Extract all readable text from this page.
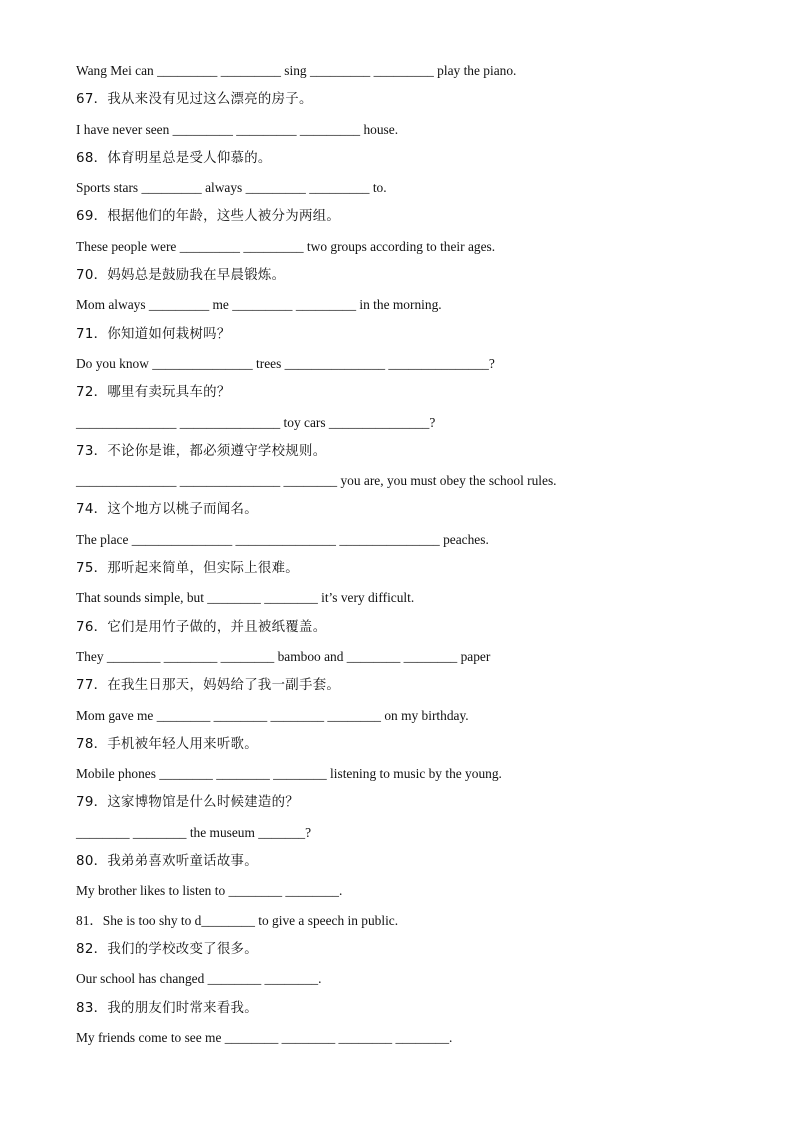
Wang Mei can _________ _________ sing _________ _________ play the piano.
67．我从来没有见过这么漂亮的房子。
I have never seen _________ _________ _________ house.
68．体育明星总是受人仰慕的。
Sports stars _________ always _________ _________ to.
69．根据他们的年龄，这些人被分为两组。
These people were _________ _________ two groups according to their ages.
70．妈妈总是鼓励我在早晨锻炼。
Mom always _________ me _________ _________ in the morning.
71．你知道如何栽树吗？
Do you know _______________ trees _______________ _______________?
72．哪里有卖玩具车的？
_______________ _______________ toy cars _______________?
73．不论你是谁，都必须遵守学校规则。
_______________ _______________ ________ you are, you must obey the school rules.
74．这个地方以桃子而闻名。
The place _______________ _______________ _______________ peaches.
75．那听起来简单，但实际上很难。
That sounds simple, but ________ ________ it’s very difficult.
76．它们是用竹子做的，并且被纸覆盖。
They ________ ________ ________ bamboo and ________ ________ paper
77．在我生日那天，妈妈给了我一副手套。
Mom gave me ________ ________ ________ ________ on my birthday.
78．手机被年轻人用来听歌。
Mobile phones ________ ________ ________ listening to music by the young.
79．这家博物馆是什么时候建造的？
________ ________ the museum _______?
80．我弟弟喜欢听童话故事。
My brother likes to listen to ________ ________.
81．She is too shy to d________ to give a speech in public.
82．我们的学校改变了很多。
Our school has changed ________ ________.
83．我的朋友们时常来看我。
My friends come to see me ________ ________ ________ ________.
